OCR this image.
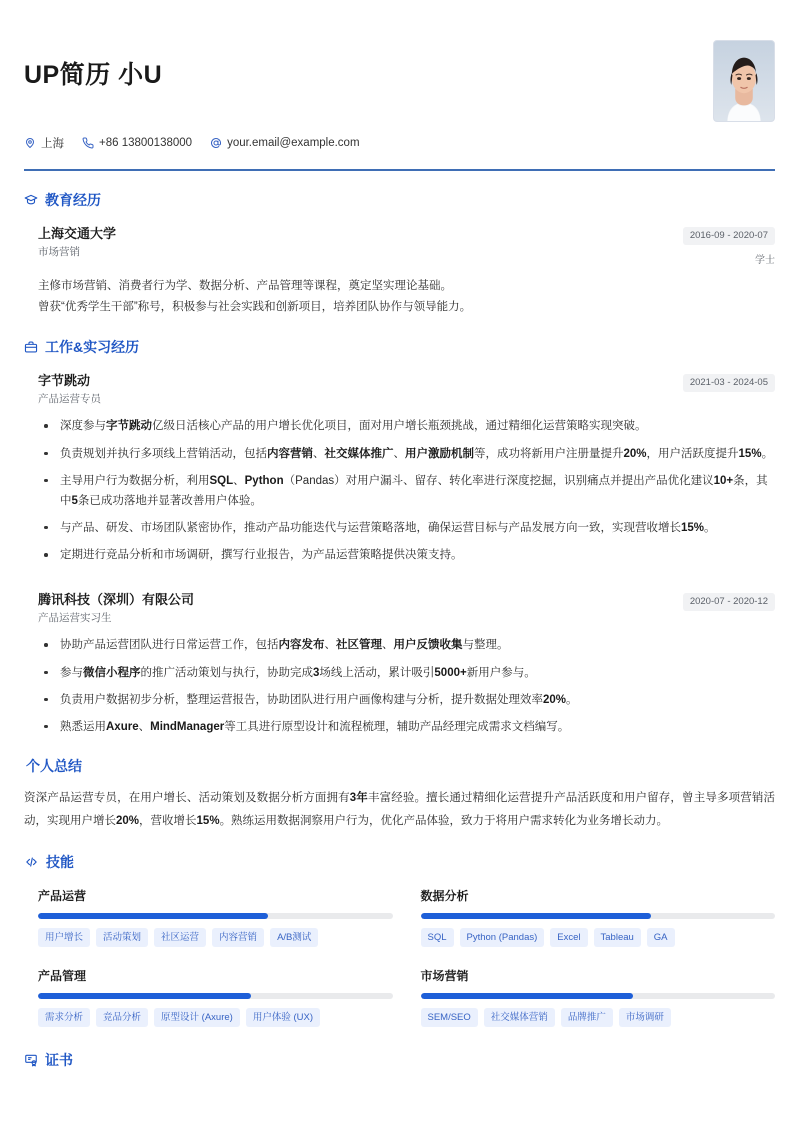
UP简历 小U
上海	+86 13800138000	your.email@example.com
教育经历
上海交通大学
市场营销
2016-09 - 2020-07
学士
主修市场营销、消费者行为学、数据分析、产品管理等课程，奠定坚实理论基础。
曾获“优秀学生干部”称号，积极参与社会实践和创新项目，培养团队协作与领导能力。
工作&实习经历
字节跳动
产品运营专员
2021-03 - 2024-05
深度参与字节跳动亿级日活核心产品的用户增长优化项目，面对用户增长瓶颈挑战，通过精细化运营策略实现突破。
负责规划并执行多项线上营销活动，包括内容营销、社交媒体推广、用户激励机制等，成功将新用户注册量提升20%，用户活跃度提升15%。
主导用户行为数据分析，利用SQL、Python（Pandas）对用户漏斗、留存、转化率进行深度挖掘，识别痛点并提出产品优化建议10+条，其中5条已成功落地并显著改善用户体验。
与产品、研发、市场团队紧密协作，推动产品功能迭代与运营策略落地，确保运营目标与产品发展方向一致，实现营收增长15%。
定期进行竞品分析和市场调研，撰写行业报告，为产品运营策略提供决策支持。
腾讯科技（深圳）有限公司
产品运营实习生
2020-07 - 2020-12
协助产品运营团队进行日常运营工作，包括内容发布、社区管理、用户反馈收集与整理。
参与微信小程序的推广活动策划与执行，协助完成3场线上活动，累计吸引5000+新用户参与。
负责用户数据初步分析，整理运营报告，协助团队进行用户画像构建与分析，提升数据处理效率20%。
熟悉运用Axure、MindManager等工具进行原型设计和流程梳理，辅助产品经理完成需求文档编写。
个人总结
资深产品运营专员，在用户增长、活动策划及数据分析方面拥有3年丰富经验。擅长通过精细化运营提升产品活跃度和用户留存，曾主导多项营销活动，实现用户增长20%，营收增长15%。熟练运用数据洞察用户行为，优化产品体验，致力于将用户需求转化为业务增长动力。
技能
产品运营
用户增长	活动策划	社区运营	内容营销	A/B测试
数据分析
SQL	Python (Pandas)	Excel	Tableau	GA
产品管理
需求分析	竞品分析	原型设计 (Axure)	用户体验 (UX)
市场营销
SEM/SEO	社交媒体营销	品牌推广	市场调研
证书
